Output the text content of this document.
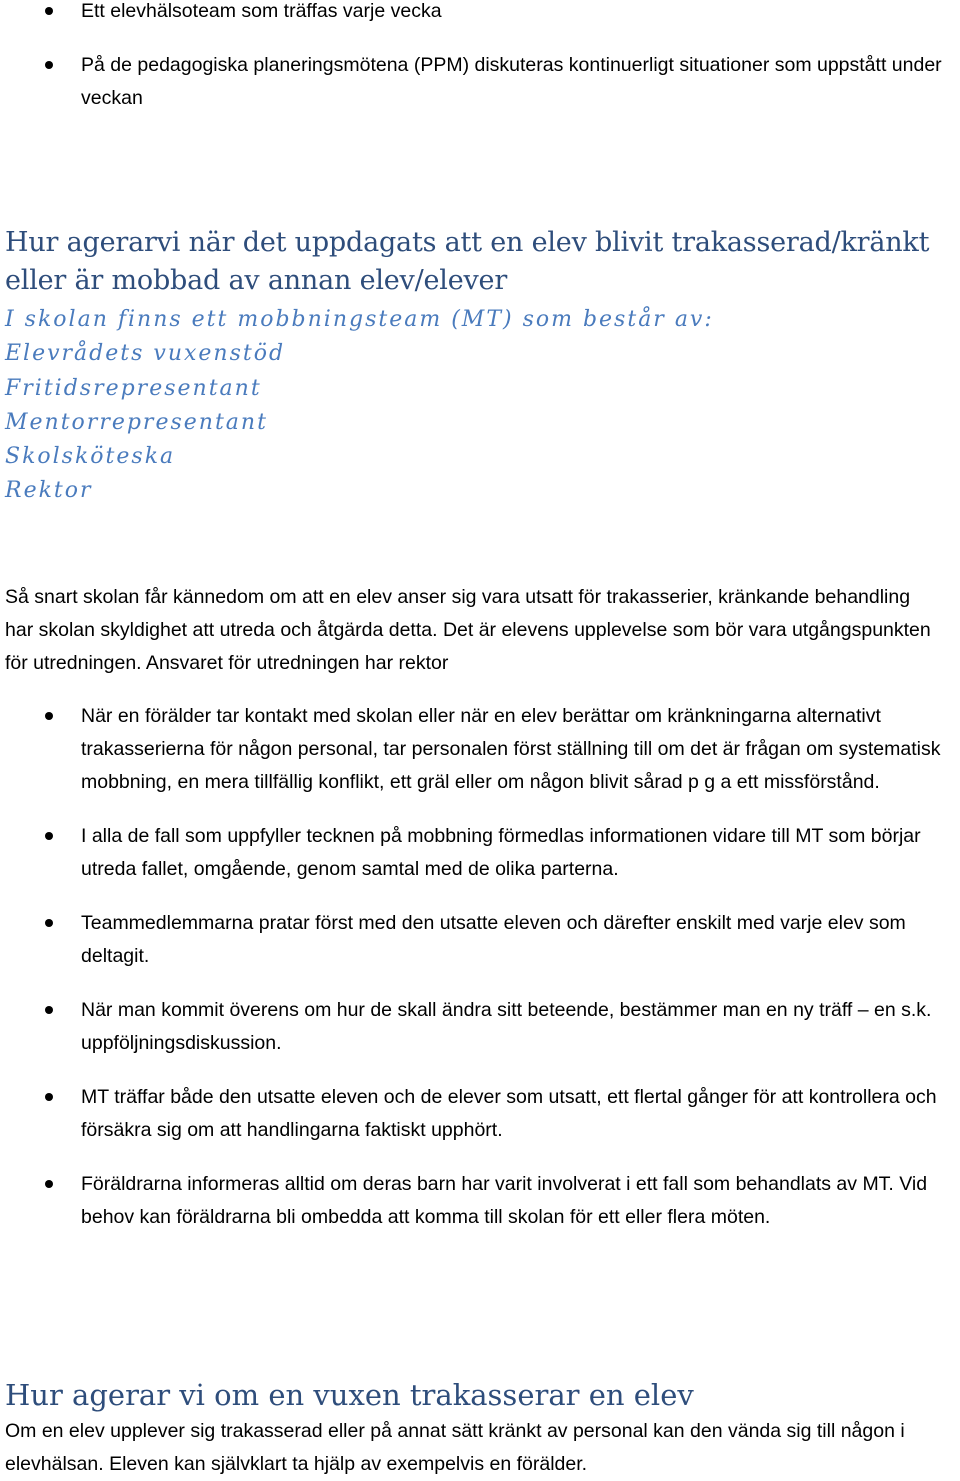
Ett elevhälsoteam som träffas varje vecka
På de pedagogiska planeringsmötena (PPM) diskuteras kontinuerligt situationer som uppstått under veckan
Hur agerarvi när det uppdagats att en elev blivit trakasserad/kränkt eller är mobbad av annan elev/elever
I skolan finns ett mobbningsteam (MT) som består av:
Elevrådets vuxenstöd
Fritidsrepresentant
Mentorrepresentant
Skolsköteska
Rektor

Så snart skolan får kännedom om att en elev anser sig vara utsatt för trakasserier, kränkande behandling har skolan skyldighet att utreda och åtgärda detta. Det är elevens upplevelse som bör vara utgångspunkten för utredningen. Ansvaret för utredningen har rektor

När en förälder tar kontakt med skolan eller när en elev berättar om kränkningarna alternativt trakasserierna för någon personal, tar personalen först ställning till om det är frågan om systematisk mobbning, en mera tillfällig konflikt, ett gräl eller om någon blivit sårad p g a ett missförstånd.
I alla de fall som uppfyller tecknen på mobbning förmedlas informationen vidare till MT som börjar utreda fallet, omgående, genom samtal med de olika parterna.
Teammedlemmarna pratar först med den utsatte eleven och därefter enskilt med varje elev som deltagit.
När man kommit överens om hur de skall ändra sitt beteende, bestämmer man en ny träff – en s.k. uppföljningsdiskussion.
MT träffar både den utsatte eleven och de elever som utsatt, ett flertal gånger för att kontrollera och försäkra sig om att handlingarna faktiskt upphört.
Föräldrarna informeras alltid om deras barn har varit involverat i ett fall som behandlats av MT. Vid behov kan föräldrarna bli ombedda att komma till skolan för ett eller flera möten.
Hur agerar vi om en vuxen trakasserar en elev

Om en elev upplever sig trakasserad eller på annat sätt kränkt av personal kan den vända sig till någon i elevhälsan. Eleven kan självklart ta hjälp av exempelvis en förälder.
